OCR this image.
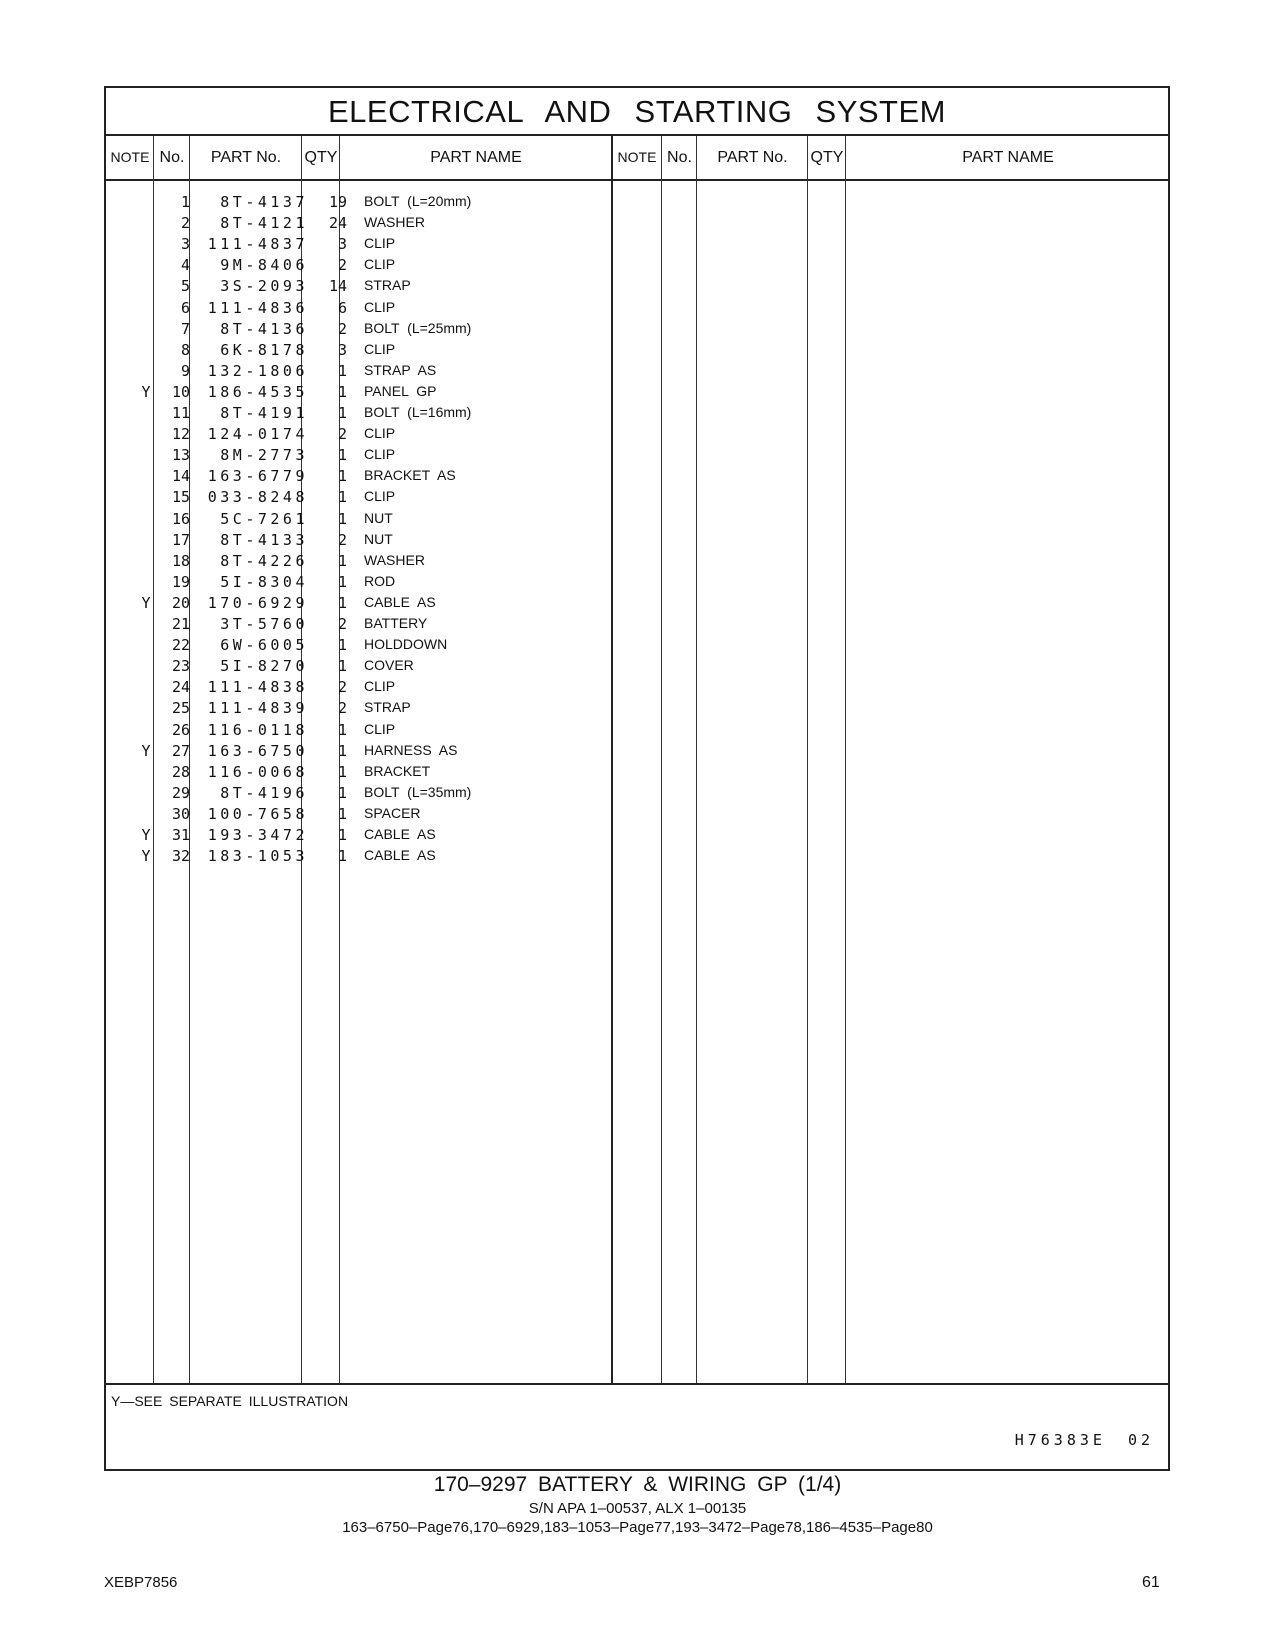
ELECTRICAL AND STARTING SYSTEM
NOTE No.	PART No.	QTY	PART NAME	NOTE No.	PART No.	QTY	PART NAME
1	8T-4137	19 BOLT (L=20mm)
2	8T-4121	24 WASHER
3	111-4837	3 CLIP
4	9M-8406	2 CLIP
5	3S-2093	14 STRAP
6	111-4836	6 CLIP
7	8T-4136	2 BOLT (L=25mm)
8	6K-8178	3 CLIP
9	132-1806	1 STRAP AS
Y	10	186-4535	1 PANEL GP
11	8T-4191	1 BOLT (L=16mm)
12	124-0174	2 CLIP
13	8M-2773	1 CLIP
14	163-6779	1 BRACKET AS
15	033-8248	1 CLIP
16	5C-7261	1 NUT
17	8T-4133	2 NUT
18	8T-4226	1 WASHER
19	5I-8304	1 ROD
Y	20	170-6929	1 CABLE AS
21	3T-5760	2 BATTERY
22	6W-6005	1 HOLDDOWN
23	5I-8270	1 COVER
24	111-4838	2 CLIP
25	111-4839	2 STRAP
26	116-0118	1 CLIP
Y	27	163-6750	1 HARNESS AS
28	116-0068	1 BRACKET
29	8T-4196	1 BOLT (L=35mm)
30	100-7658	1 SPACER
Y	31	193-3472	1 CABLE AS
Y	32	183-1053	1 CABLE AS
Y—SEE SEPARATE ILLUSTRATION
H76383E 02
170–9297 BATTERY & WIRING GP (1/4)
S/N APA 1–00537, ALX 1–00135
163–6750–Page76,170–6929,183–1053–Page77,193–3472–Page78,186–4535–Page80
XEBP7856	61
